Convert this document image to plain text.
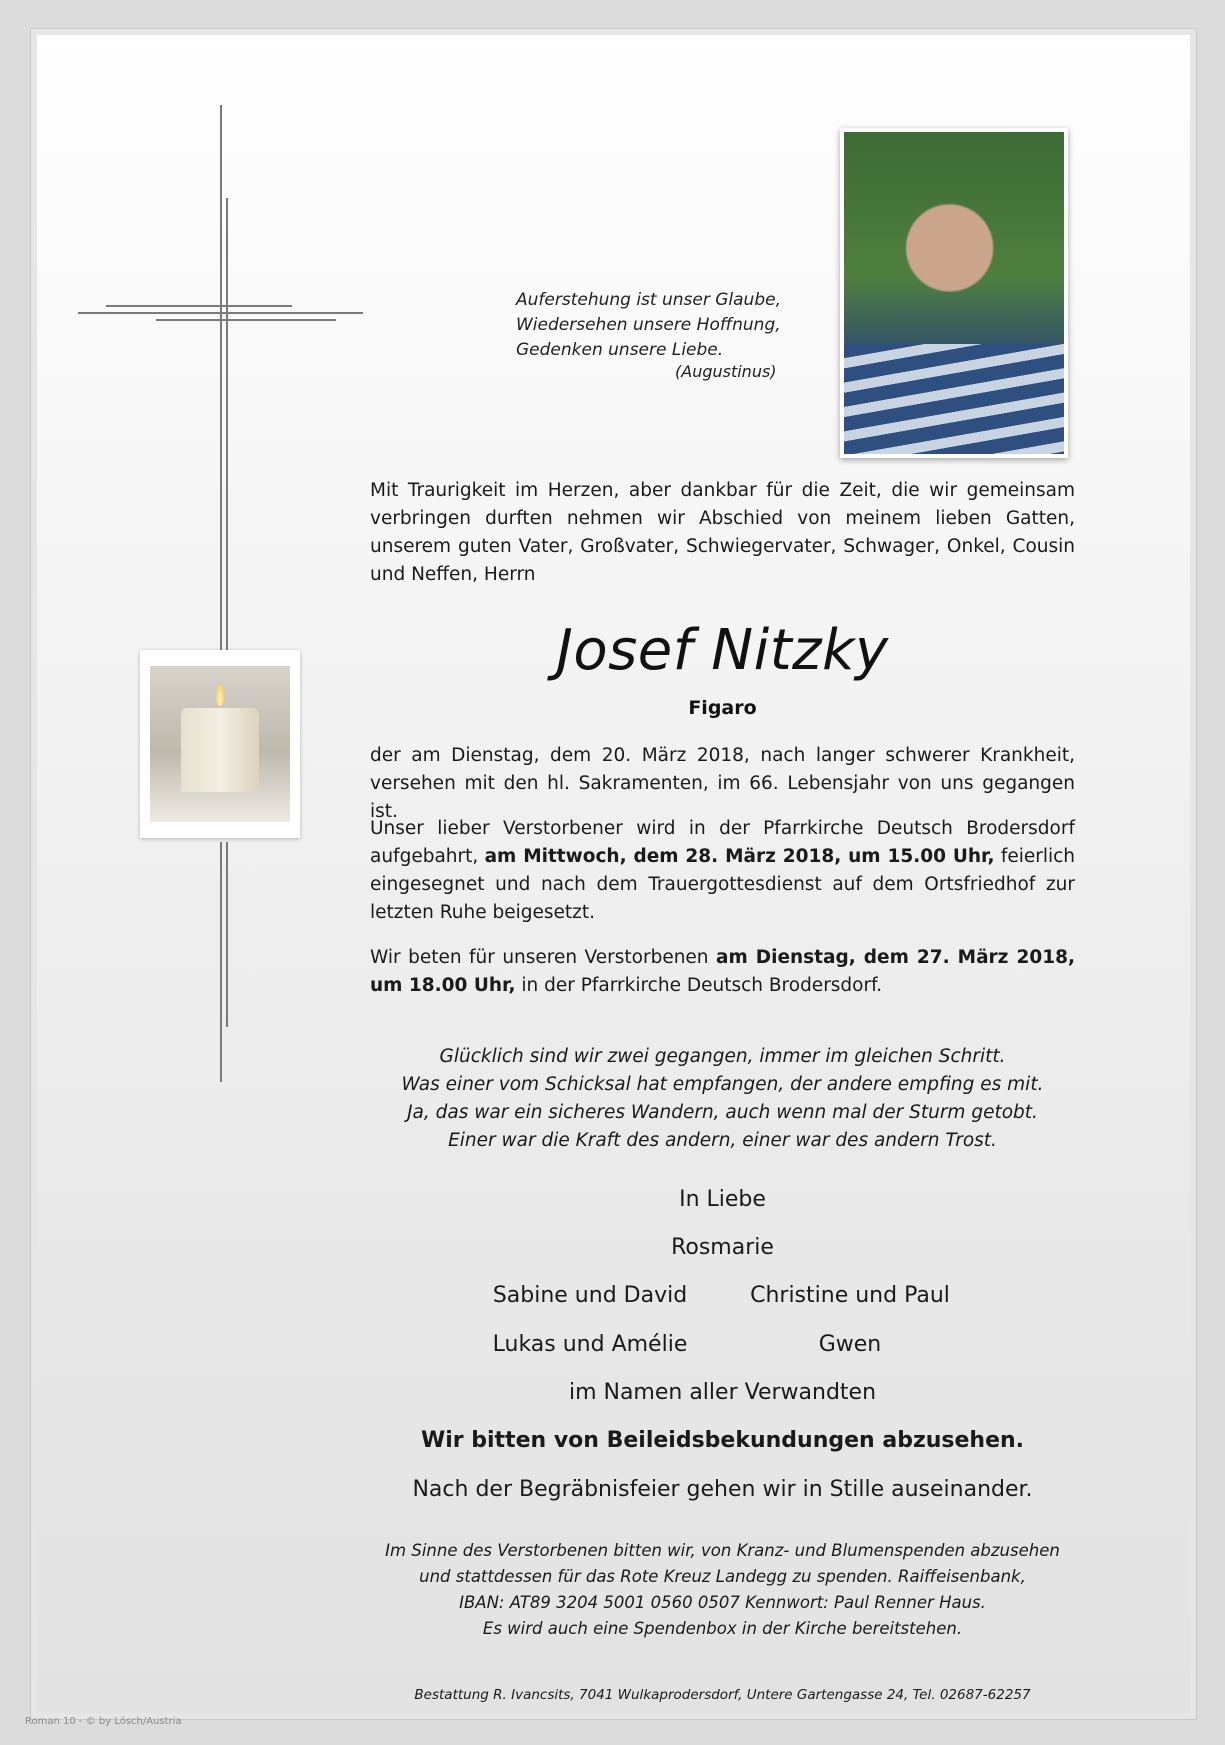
Auferstehung ist unser Glaube,
Wiedersehen unsere Hoffnung,
Gedenken unsere Liebe.
(Augustinus)

Mit Traurigkeit im Herzen, aber dankbar für die Zeit, die wir gemeinsam verbringen durften nehmen wir Abschied von meinem lieben Gatten, unserem guten Vater, Großvater, Schwiegervater, Schwager, Onkel, Cousin und Neffen, Herrn

Josef Nitzky
Figaro

der am Dienstag, dem 20. März 2018, nach langer schwerer Krankheit, versehen mit den hl. Sakramenten, im 66. Lebensjahr von uns gegangen ist.

Unser lieber Verstorbener wird in der Pfarrkirche Deutsch Brodersdorf aufgebahrt, am Mittwoch, dem 28. März 2018, um 15.00 Uhr, feierlich eingesegnet und nach dem Trauergottesdienst auf dem Ortsfriedhof zur letzten Ruhe beigesetzt.

Wir beten für unseren Verstorbenen am Dienstag, dem 27. März 2018, um 18.00 Uhr, in der Pfarrkirche Deutsch Brodersdorf.

Glücklich sind wir zwei gegangen, immer im gleichen Schritt.
Was einer vom Schicksal hat empfangen, der andere empfing es mit.
Ja, das war ein sicheres Wandern, auch wenn mal der Sturm getobt.
Einer war die Kraft des andern, einer war des andern Trost.
In Liebe
Rosmarie
Sabine und David	Christine und Paul
Lukas und Amélie	Gwen
im Namen aller Verwandten
Wir bitten von Beileidsbekundungen abzusehen.
Nach der Begräbnisfeier gehen wir in Stille auseinander.
Im Sinne des Verstorbenen bitten wir, von Kranz- und Blumenspenden abzusehen
und stattdessen für das Rote Kreuz Landegg zu spenden. Raiffeisenbank,
IBAN: AT89 3204 5001 0560 0507 Kennwort: Paul Renner Haus.
Es wird auch eine Spendenbox in der Kirche bereitstehen.
Bestattung R. Ivancsits, 7041 Wulkaprodersdorf, Untere Gartengasse 24, Tel. 02687-62257
Roman 10 - © by Lösch/Austria
